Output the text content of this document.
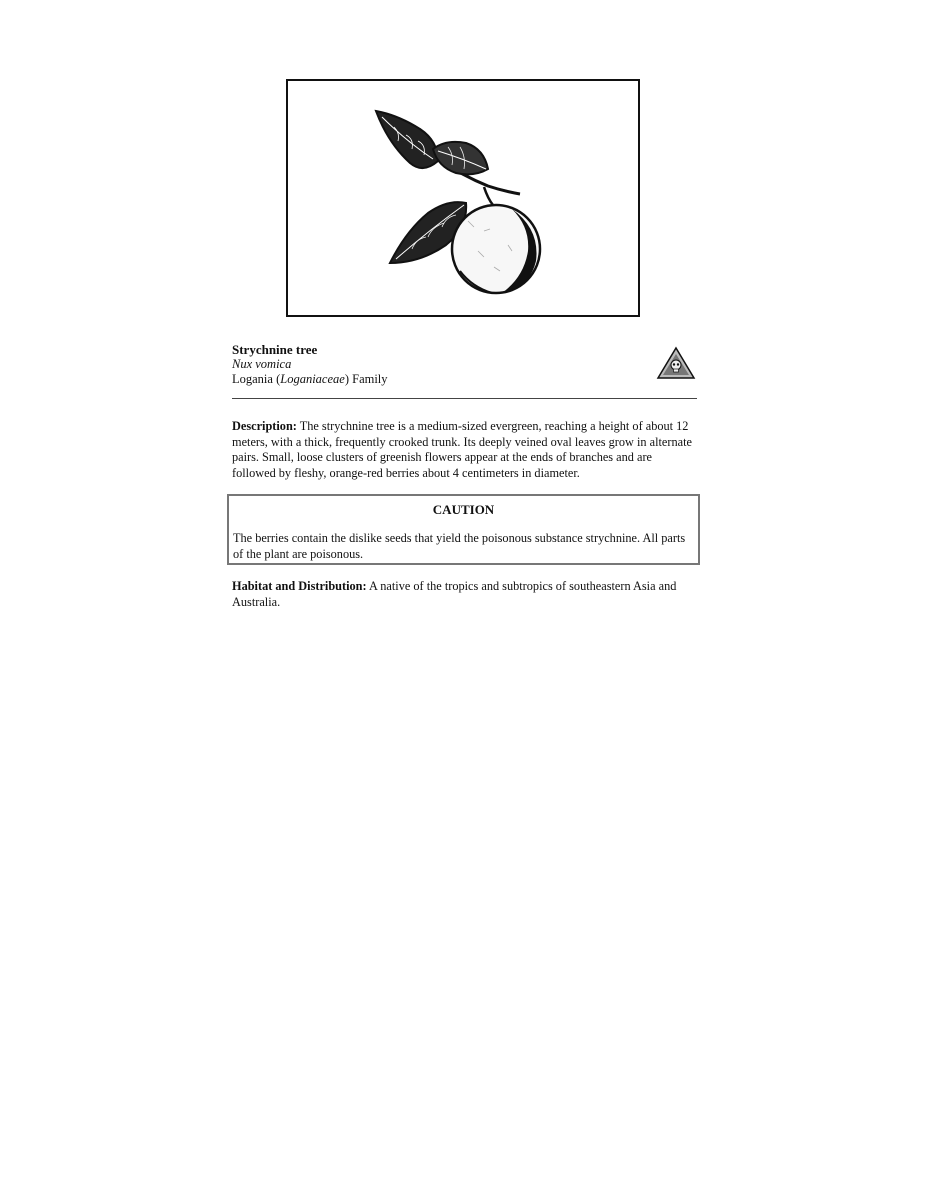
Strychnine tree
Nux vomica
Logania (Loganiaceae) Family
Description: The strychnine tree is a medium-sized evergreen, reaching a height of about 12 meters, with a thick, frequently crooked trunk. Its deeply veined oval leaves grow in alternate pairs. Small, loose clusters of greenish flowers appear at the ends of branches and are followed by fleshy, orange-red berries about 4 centimeters in diameter.
CAUTION
The berries contain the dislike seeds that yield the poisonous substance strychnine. All parts of the plant are poisonous.
Habitat and Distribution: A native of the tropics and subtropics of southeastern Asia and Australia.
